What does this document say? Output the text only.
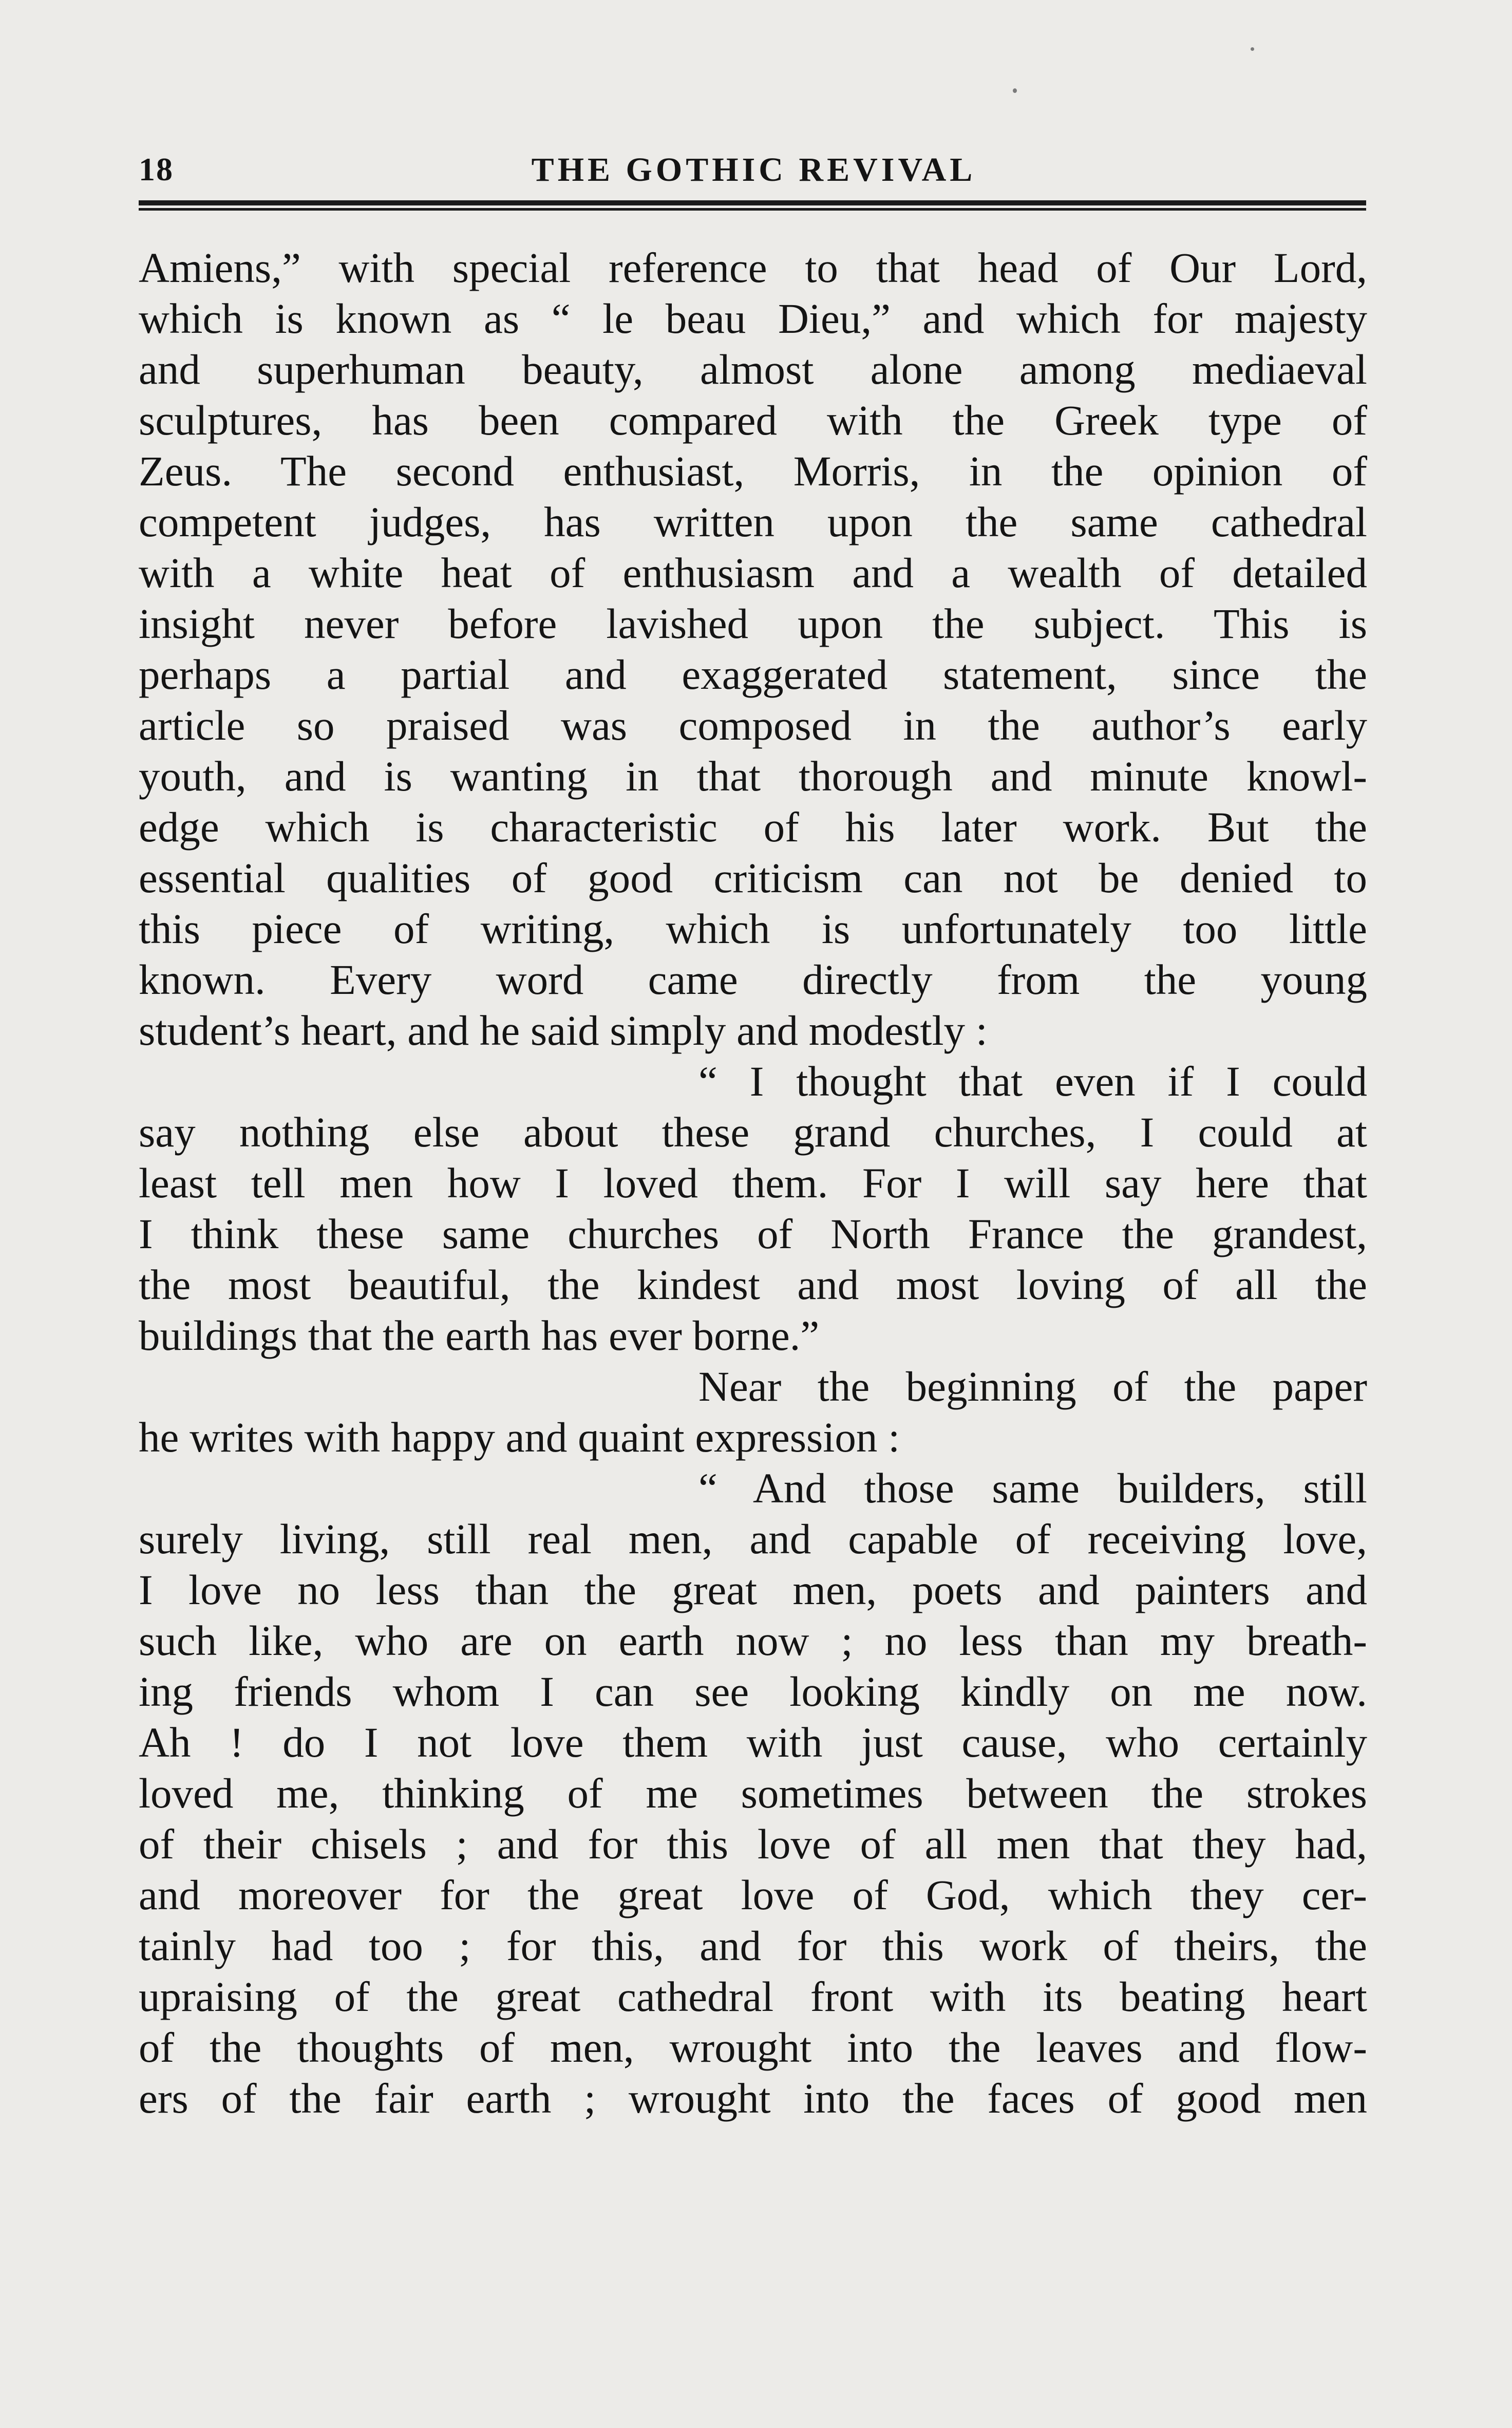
18	THE GOTHIC REVIVAL
Amiens,” with special reference to that head of Our Lord,
which is known as “ le beau Dieu,” and which for majesty
and superhuman beauty, almost alone among mediaeval
sculptures, has been compared with the Greek type of
Zeus. The second enthusiast, Morris, in the opinion of
competent judges, has written upon the same cathedral
with a white heat of enthusiasm and a wealth of detailed
insight never before lavished upon the subject. This is
perhaps a partial and exaggerated statement, since the
article so praised was composed in the author’s early
youth, and is wanting in that thorough and minute knowl-
edge which is characteristic of his later work. But the
essential qualities of good criticism can not be denied to
this piece of writing, which is unfortunately too little
known. Every word came directly from the young
student’s heart, and he said simply and modestly :
“ I thought that even if I could
say nothing else about these grand churches, I could at
least tell men how I loved them. For I will say here that
I think these same churches of North France the grandest,
the most beautiful, the kindest and most loving of all the
buildings that the earth has ever borne.”
Near the beginning of the paper
he writes with happy and quaint expression :
“ And those same builders, still
surely living, still real men, and capable of receiving love,
I love no less than the great men, poets and painters and
such like, who are on earth now ; no less than my breath-
ing friends whom I can see looking kindly on me now.
Ah ! do I not love them with just cause, who certainly
loved me, thinking of me sometimes between the strokes
of their chisels ; and for this love of all men that they had,
and moreover for the great love of God, which they cer-
tainly had too ; for this, and for this work of theirs, the
upraising of the great cathedral front with its beating heart
of the thoughts of men, wrought into the leaves and flow-
ers of the fair earth ; wrought into the faces of good men
